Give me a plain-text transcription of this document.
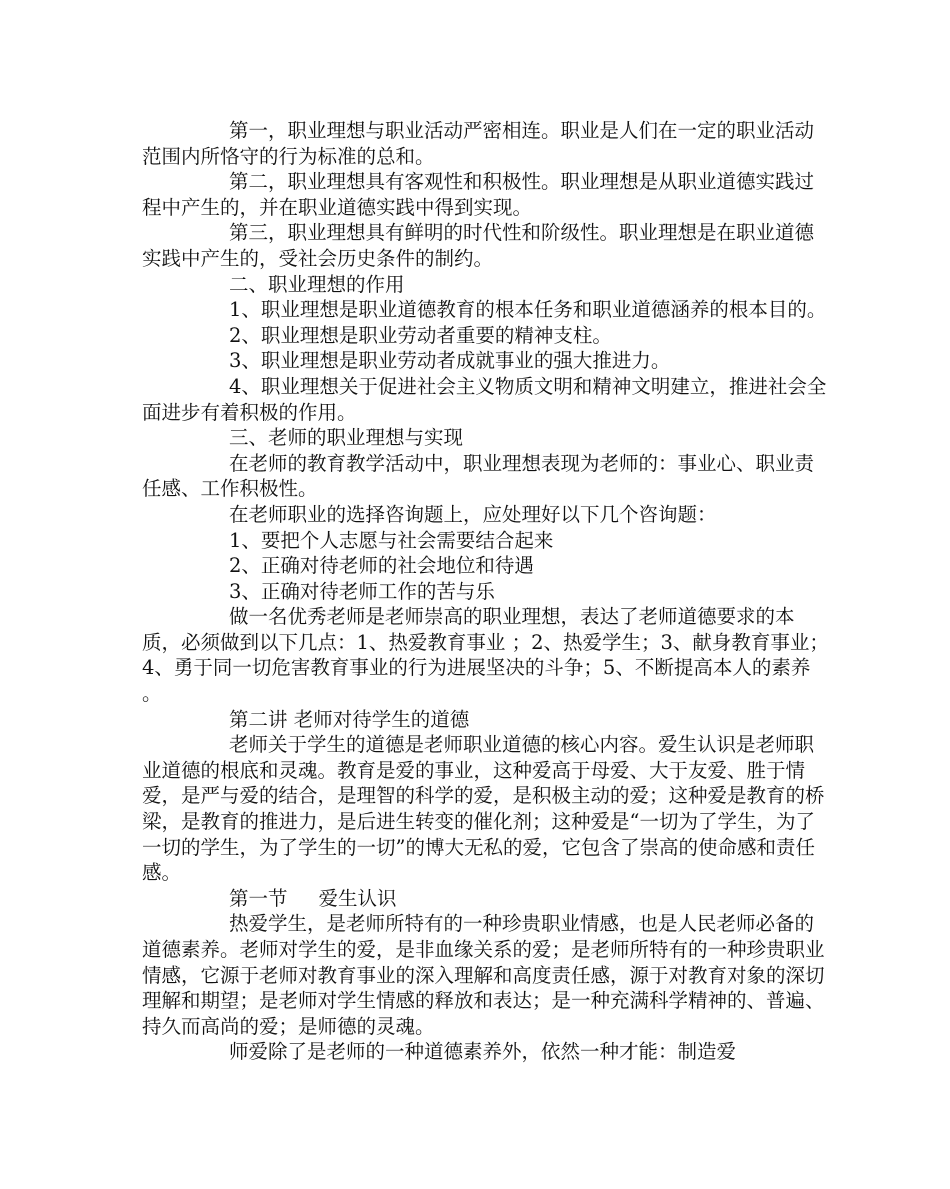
第一，职业理想与职业活动严密相连。职业是人们在一定的职业活动范围内所恪守的行为标准的总和。

第二，职业理想具有客观性和积极性。职业理想是从职业道德实践过程中产生的，并在职业道德实践中得到实现。

第三，职业理想具有鲜明的时代性和阶级性。职业理想是在职业道德实践中产生的，受社会历史条件的制约。

二、职业理想的作用

1、职业理想是职业道德教育的根本任务和职业道德涵养的根本目的。

2、职业理想是职业劳动者重要的精神支柱。

3、职业理想是职业劳动者成就事业的强大推进力。

4、职业理想关于促进社会主义物质文明和精神文明建立，推进社会全面进步有着积极的作用。

三、老师的职业理想与实现

在老师的教育教学活动中，职业理想表现为老师的：事业心、职业责任感、工作积极性。

在老师职业的选择咨询题上，应处理好以下几个咨询题：

1、要把个人志愿与社会需要结合起来

2、正确对待老师的社会地位和待遇

3、正确对待老师工作的苦与乐

做一名优秀老师是老师崇高的职业理想，表达了老师道德要求的本质，必须做到以下几点：1、热爱教育事业 ；2、热爱学生；3、献身教育事业；4、勇于同一切危害教育事业的行为进展坚决的斗争；5、不断提高本人的素养 。

第二讲 老师对待学生的道德

老师关于学生的道德是老师职业道德的核心内容。爱生认识是老师职业道德的根底和灵魂。教育是爱的事业，这种爱高于母爱、大于友爱、胜于情爱，是严与爱的结合，是理智的科学的爱，是积极主动的爱；这种爱是教育的桥梁，是教育的推进力，是后进生转变的催化剂；这种爱是“一切为了学生，为了一切的学生，为了学生的一切”的博大无私的爱，它包含了崇高的使命感和责任感。

第一节     爱生认识

热爱学生，是老师所特有的一种珍贵职业情感，也是人民老师必备的道德素养。老师对学生的爱，是非血缘关系的爱；是老师所特有的一种珍贵职业情感，它源于老师对教育事业的深入理解和高度责任感，源于对教育对象的深切理解和期望；是老师对学生情感的释放和表达；是一种充满科学精神的、普遍、持久而高尚的爱；是师德的灵魂。

师爱除了是老师的一种道德素养外，依然一种才能：制造爱
